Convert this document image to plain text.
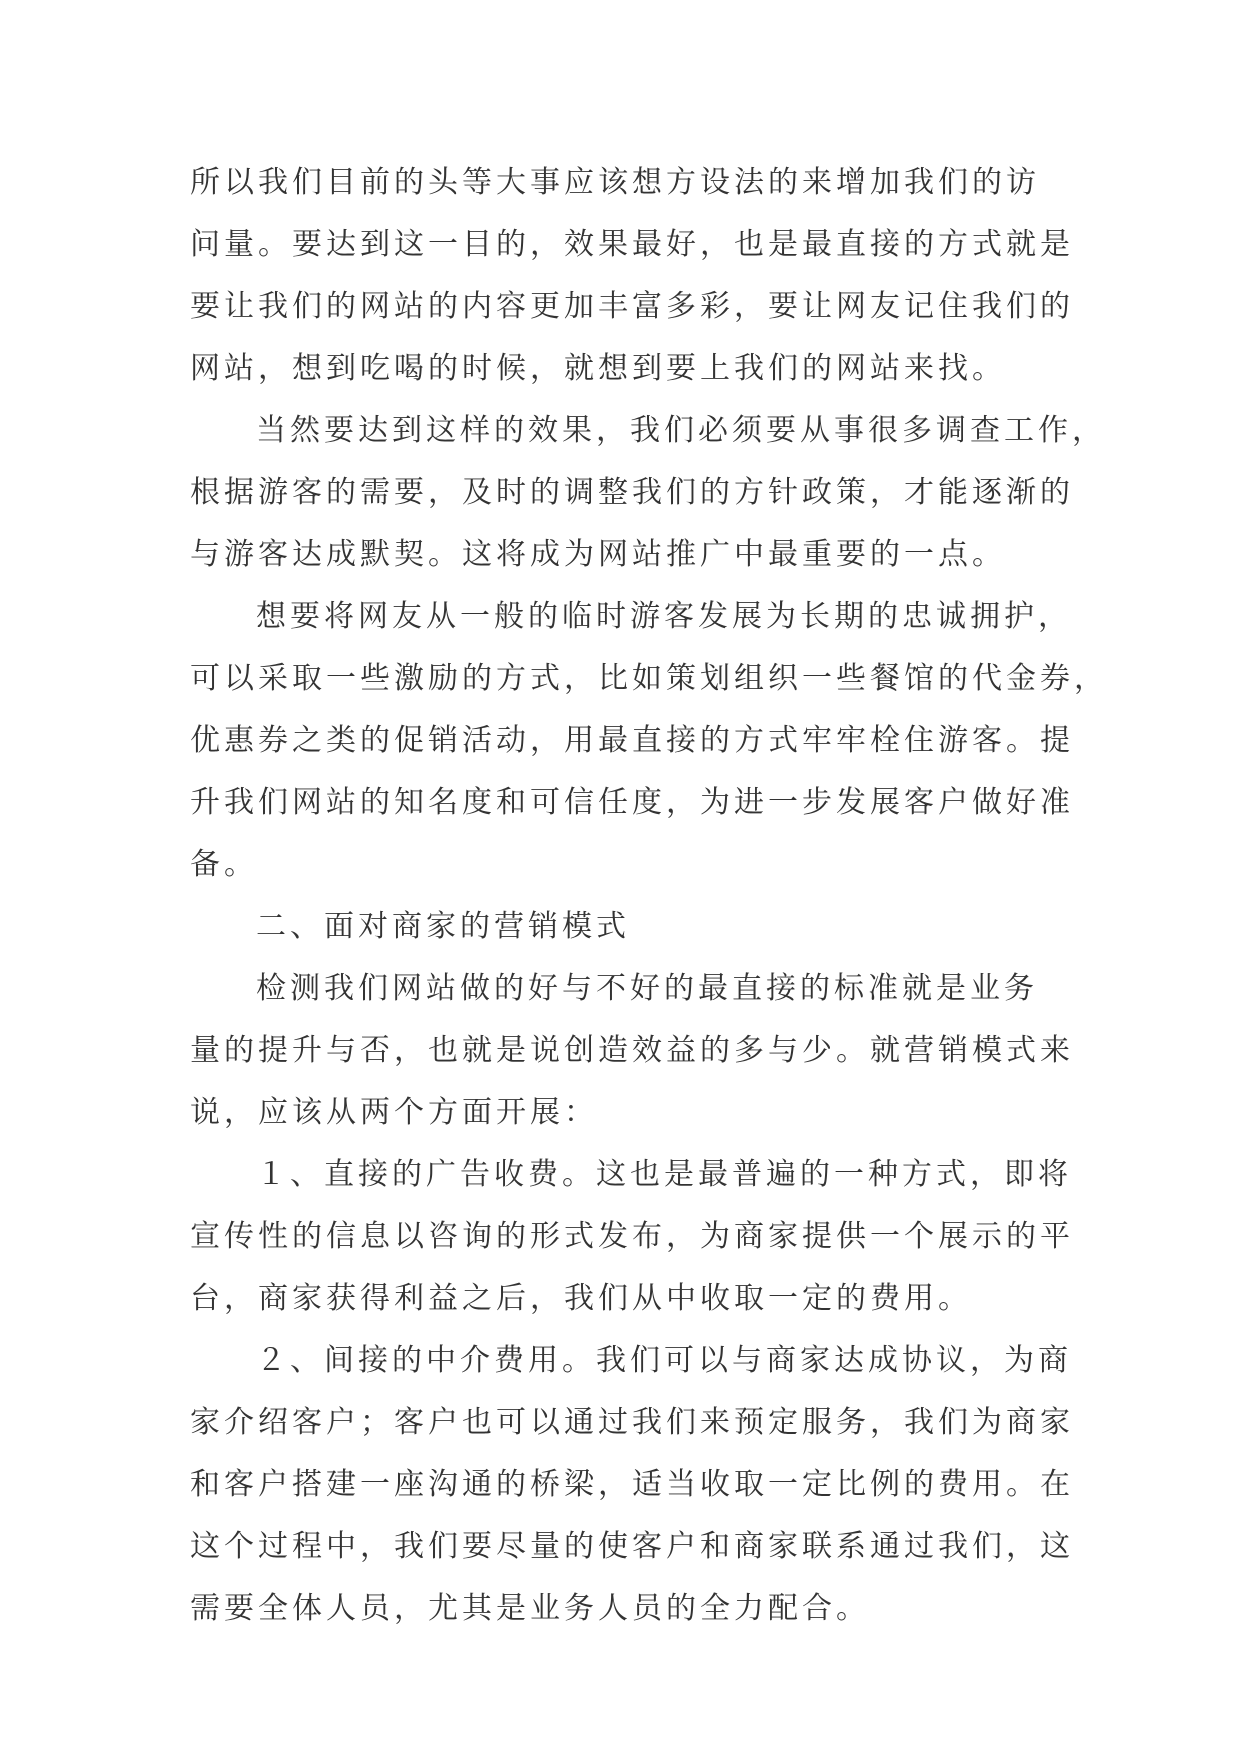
所以我们目前的头等大事应该想方设法的来增加我们的访
问量。要达到这一目的，效果最好，也是最直接的方式就是
要让我们的网站的内容更加丰富多彩，要让网友记住我们的
网站，想到吃喝的时候，就想到要上我们的网站来找。
当然要达到这样的效果，我们必须要从事很多调查工作，
根据游客的需要，及时的调整我们的方针政策，才能逐渐的
与游客达成默契。这将成为网站推广中最重要的一点。
想要将网友从一般的临时游客发展为长期的忠诚拥护，
可以采取一些激励的方式，比如策划组织一些餐馆的代金券，
优惠券之类的促销活动，用最直接的方式牢牢栓住游客。提
升我们网站的知名度和可信任度，为进一步发展客户做好准
备。
二、面对商家的营销模式
检测我们网站做的好与不好的最直接的标准就是业务
量的提升与否，也就是说创造效益的多与少。就营销模式来
说，应该从两个方面开展：
１、直接的广告收费。这也是最普遍的一种方式，即将
宣传性的信息以咨询的形式发布，为商家提供一个展示的平
台，商家获得利益之后，我们从中收取一定的费用。
２、间接的中介费用。我们可以与商家达成协议，为商
家介绍客户；客户也可以通过我们来预定服务，我们为商家
和客户搭建一座沟通的桥梁，适当收取一定比例的费用。在
这个过程中，我们要尽量的使客户和商家联系通过我们，这
需要全体人员，尤其是业务人员的全力配合。
